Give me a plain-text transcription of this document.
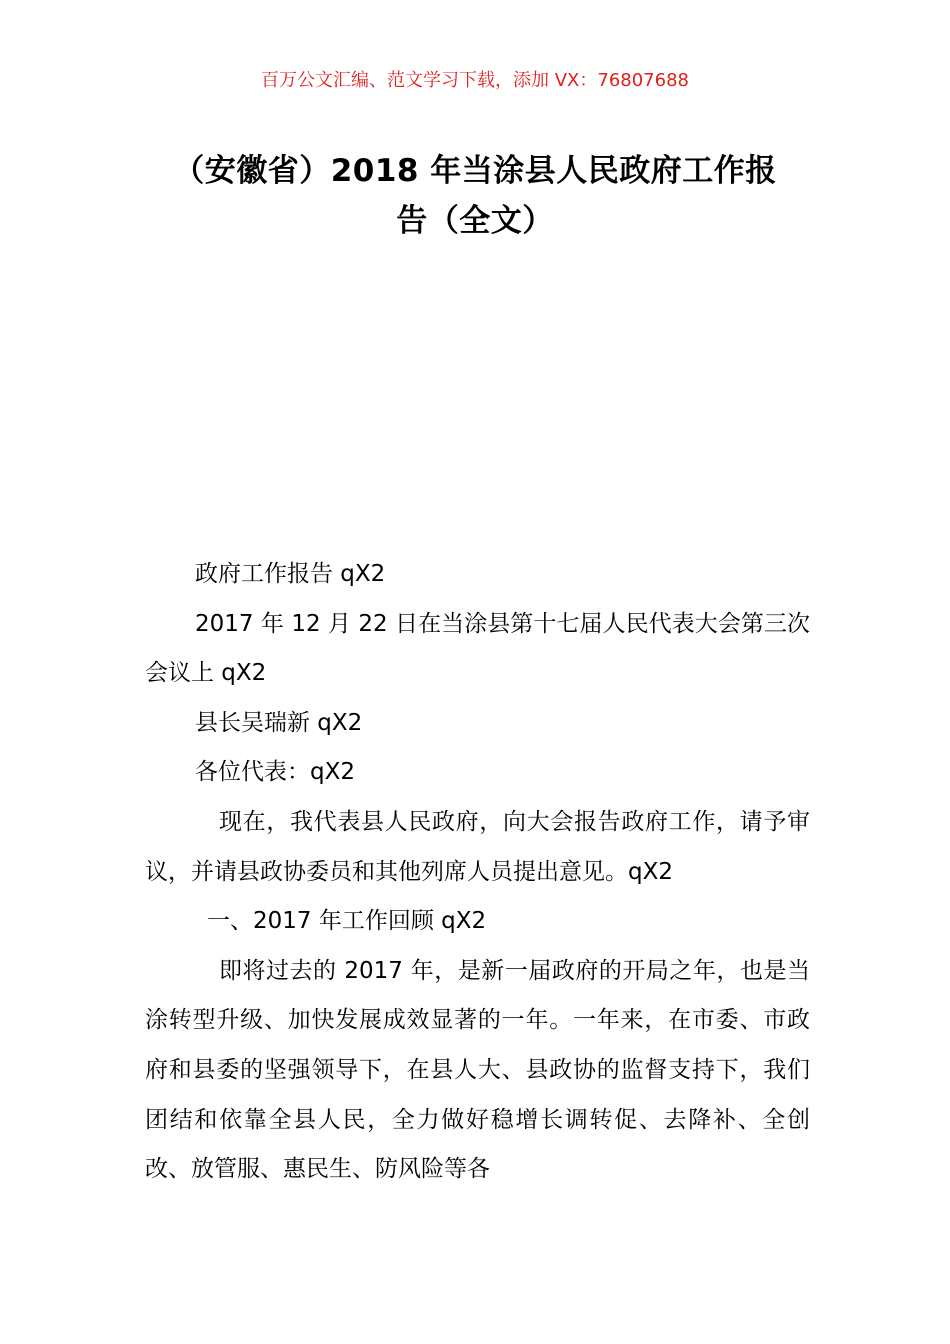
百万公文汇编、范文学习下载，添加 VX：76807688
（安徽省）2018 年当涂县人民政府工作报
告（全文）

政府工作报告 qX2

2017 年 12 月 22 日在当涂县第十七届人民代表大会第三次会议上 qX2

县长吴瑞新 qX2

各位代表：qX2

现在，我代表县人民政府，向大会报告政府工作，请予审议，并请县政协委员和其他列席人员提出意见。qX2

一、2017 年工作回顾 qX2

即将过去的 2017 年，是新一届政府的开局之年，也是当涂转型升级、加快发展成效显著的一年。一年来，在市委、市政府和县委的坚强领导下，在县人大、县政协的监督支持下，我们团结和依靠全县人民，全力做好稳增长调转促、去降补、全创改、放管服、惠民生、防风险等各
